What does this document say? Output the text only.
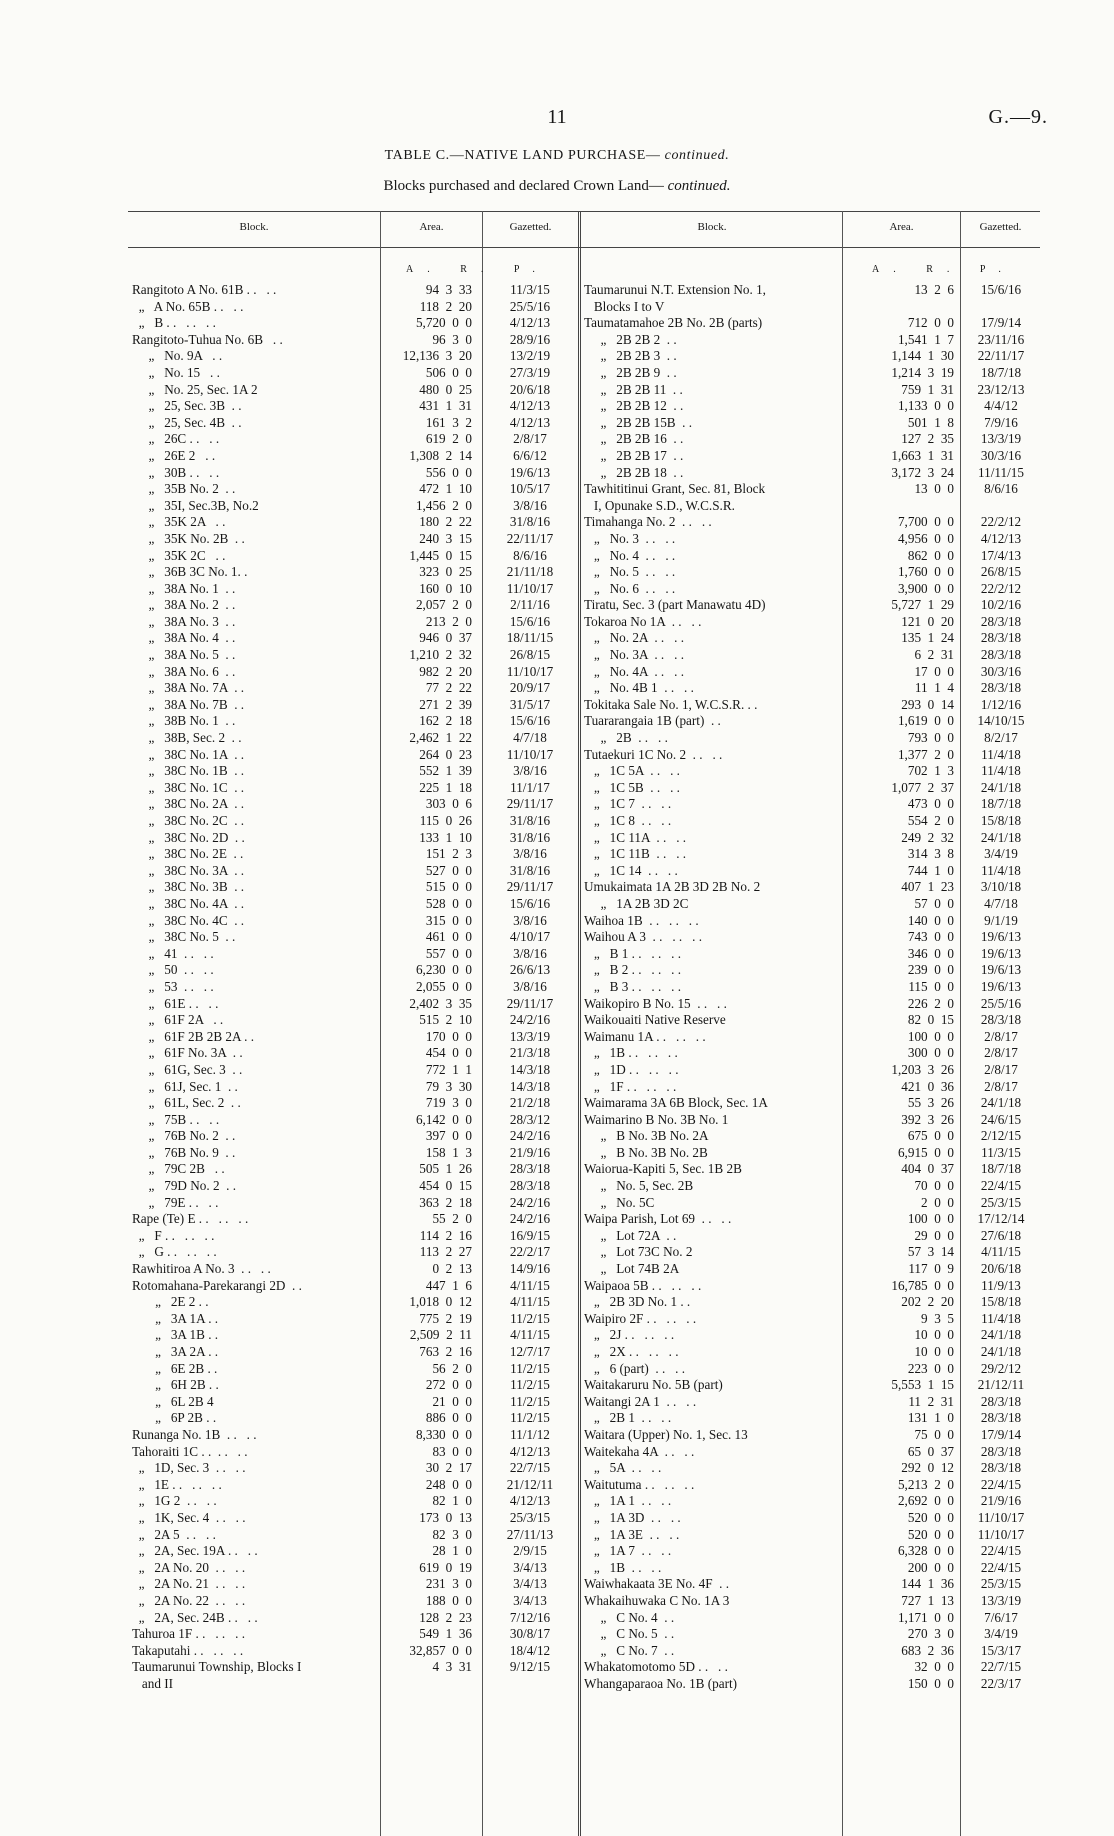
11	G.—9.
TABLE C.—NATIVE LAND PURCHASE— continued.
Blocks purchased and declared Crown Land— continued.
Block.	Area.	Gazetted.	Block.	Area.	Gazetted.
A. R. P.	A. R. P.
Rangitoto A No. 61B . .   . .	94  3  33	11/3/15
„   A No. 65B . .   . .	118  2  20	25/5/16
„   B . .   . .   . .	5,720  0  0	4/12/13
Rangitoto-Tuhua No. 6B   . .	96  3  0	28/9/16
„   No. 9A   . .	12,136  3  20	13/2/19
„   No. 15   . .	506  0  0	27/3/19
„   No. 25, Sec. 1A 2	480  0  25	20/6/18
„   25, Sec. 3B  . .	431  1  31	4/12/13
„   25, Sec. 4B  . .	161  3  2	4/12/13
„   26C . .   . .	619  2  0	2/8/17
„   26E 2   . .	1,308  2  14	6/6/12
„   30B . .   . .	556  0  0	19/6/13
„   35B No. 2  . .	472  1  10	10/5/17
„   35I, Sec.3B, No.2	1,456  2  0	3/8/16
„   35K 2A   . .	180  2  22	31/8/16
„   35K No. 2B  . .	240  3  15	22/11/17
„   35K 2C   . .	1,445  0  15	8/6/16
„   36B 3C No. 1. .	323  0  25	21/11/18
„   38A No. 1  . .	160  0  10	11/10/17
„   38A No. 2  . .	2,057  2  0	2/11/16
„   38A No. 3  . .	213  2  0	15/6/16
„   38A No. 4  . .	946  0  37	18/11/15
„   38A No. 5  . .	1,210  2  32	26/8/15
„   38A No. 6  . .	982  2  20	11/10/17
„   38A No. 7A  . .	77  2  22	20/9/17
„   38A No. 7B  . .	271  2  39	31/5/17
„   38B No. 1  . .	162  2  18	15/6/16
„   38B, Sec. 2  . .	2,462  1  22	4/7/18
„   38C No. 1A  . .	264  0  23	11/10/17
„   38C No. 1B  . .	552  1  39	3/8/16
„   38C No. 1C  . .	225  1  18	11/1/17
„   38C No. 2A  . .	303  0  6	29/11/17
„   38C No. 2C  . .	115  0  26	31/8/16
„   38C No. 2D  . .	133  1  10	31/8/16
„   38C No. 2E  . .	151  2  3	3/8/16
„   38C No. 3A  . .	527  0  0	31/8/16
„   38C No. 3B  . .	515  0  0	29/11/17
„   38C No. 4A  . .	528  0  0	15/6/16
„   38C No. 4C  . .	315  0  0	3/8/16
„   38C No. 5  . .	461  0  0	4/10/17
„   41  . .   . .	557  0  0	3/8/16
„   50  . .   . .	6,230  0  0	26/6/13
„   53  . .   . .	2,055  0  0	3/8/16
„   61E . .   . .	2,402  3  35	29/11/17
„   61F 2A   . .	515  2  10	24/2/16
„   61F 2B 2B 2A . .	170  0  0	13/3/19
„   61F No. 3A  . .	454  0  0	21/3/18
„   61G, Sec. 3  . .	772  1  1	14/3/18
„   61J, Sec. 1  . .	79  3  30	14/3/18
„   61L, Sec. 2  . .	719  3  0	21/2/18
„   75B . .   . .	6,142  0  0	28/3/12
„   76B No. 2  . .	397  0  0	24/2/16
„   76B No. 9  . .	158  1  3	21/9/16
„   79C 2B   . .	505  1  26	28/3/18
„   79D No. 2  . .	454  0  15	28/3/18
„   79E . .   . .	363  2  18	24/2/16
Rape (Te) E . .   . .   . .	55  2  0	24/2/16
„   F . .   . .   . .	114  2  16	16/9/15
„   G . .   . .   . .	113  2  27	22/2/17
Rawhitiroa A No. 3  . .   . .	0  2  13	14/9/16
Rotomahana-Parekarangi 2D  . .	447  1  6	4/11/15
„   2E 2 . .	1,018  0  12	4/11/15
„   3A 1A . .	775  2  19	11/2/15
„   3A 1B . .	2,509  2  11	4/11/15
„   3A 2A . .	763  2  16	12/7/17
„   6E 2B . .	56  2  0	11/2/15
„   6H 2B . .	272  0  0	11/2/15
„   6L 2B 4	21  0  0	11/2/15
„   6P 2B . .	886  0  0	11/2/15
Runanga No. 1B  . .   . .	8,330  0  0	11/1/12
Tahoraiti 1C . .  . .   . .	83  0  0	4/12/13
„   1D, Sec. 3  . .   . .	30  2  17	22/7/15
„   1E . .   . .   . .	248  0  0	21/12/11
„   1G 2  . .   . .	82  1  0	4/12/13
„   1K, Sec. 4  . .   . .	173  0  13	25/3/15
„   2A 5  . .   . .	82  3  0	27/11/13
„   2A, Sec. 19A . .   . .	28  1  0	2/9/15
„   2A No. 20  . .   . .	619  0  19	3/4/13
„   2A No. 21  . .   . .	231  3  0	3/4/13
„   2A No. 22  . .   . .	188  0  0	3/4/13
„   2A, Sec. 24B . .   . .	128  2  23	7/12/16
Tahuroa 1F . .   . .   . .	549  1  36	30/8/17
Takaputahi . .   . .   . .	32,857  0  0	18/4/12
Taumarunui Township, Blocks I	4  3  31	9/12/15
and II
Taumarunui N.T. Extension No. 1,	13  2  6	15/6/16
Blocks I to V
Taumatamahoe 2B No. 2B (parts)	712  0  0	17/9/14
„   2B 2B 2  . .	1,541  1  7	23/11/16
„   2B 2B 3  . .	1,144  1  30	22/11/17
„   2B 2B 9  . .	1,214  3  19	18/7/18
„   2B 2B 11  . .	759  1  31	23/12/13
„   2B 2B 12  . .	1,133  0  0	4/4/12
„   2B 2B 15B  . .	501  1  8	7/9/16
„   2B 2B 16  . .	127  2  35	13/3/19
„   2B 2B 17  . .	1,663  1  31	30/3/16
„   2B 2B 18  . .	3,172  3  24	11/11/15
Tawhititinui Grant, Sec. 81, Block	13  0  0	8/6/16
I, Opunake S.D., W.C.S.R.
Timahanga No. 2  . .   . .	7,700  0  0	22/2/12
„   No. 3  . .   . .	4,956  0  0	4/12/13
„   No. 4  . .   . .	862  0  0	17/4/13
„   No. 5  . .   . .	1,760  0  0	26/8/15
„   No. 6  . .   . .	3,900  0  0	22/2/12
Tiratu, Sec. 3 (part Manawatu 4D)	5,727  1  29	10/2/16
Tokaroa No 1A  . .   . .	121  0  20	28/3/18
„   No. 2A  . .   . .	135  1  24	28/3/18
„   No. 3A  . .   . .	6  2  31	28/3/18
„   No. 4A  . .   . .	17  0  0	30/3/16
„   No. 4B 1  . .   . .	11  1  4	28/3/18
Tokitaka Sale No. 1, W.C.S.R. . .	293  0  14	1/12/16
Tuararangaia 1B (part)  . .	1,619  0  0	14/10/15
„   2B  . .   . .	793  0  0	8/2/17
Tutaekuri 1C No. 2  . .   . .	1,377  2  0	11/4/18
„   1C 5A  . .   . .	702  1  3	11/4/18
„   1C 5B  . .   . .	1,077  2  37	24/1/18
„   1C 7  . .   . .	473  0  0	18/7/18
„   1C 8  . .   . .	554  2  0	15/8/18
„   1C 11A  . .   . .	249  2  32	24/1/18
„   1C 11B  . .   . .	314  3  8	3/4/19
„   1C 14  . .   . .	744  1  0	11/4/18
Umukaimata 1A 2B 3D 2B No. 2	407  1  23	3/10/18
„   1A 2B 3D 2C	57  0  0	4/7/18
Waihoa 1B  . .   . .   . .	140  0  0	9/1/19
Waihou A 3  . .   . .   . .	743  0  0	19/6/13
„   B 1 . .   . .   . .	346  0  0	19/6/13
„   B 2 . .   . .   . .	239  0  0	19/6/13
„   B 3 . .   . .   . .	115  0  0	19/6/13
Waikopiro B No. 15  . .   . .	226  2  0	25/5/16
Waikouaiti Native Reserve	82  0  15	28/3/18
Waimanu 1A . .   . .   . .	100  0  0	2/8/17
„   1B . .   . .   . .	300  0  0	2/8/17
„   1D . .   . .   . .	1,203  3  26	2/8/17
„   1F . .   . .   . .	421  0  36	2/8/17
Waimarama 3A 6B Block, Sec. 1A	55  3  26	24/1/18
Waimarino B No. 3B No. 1	392  3  26	24/6/15
„   B No. 3B No. 2A	675  0  0	2/12/15
„   B No. 3B No. 2B	6,915  0  0	11/3/15
Waiorua-Kapiti 5, Sec. 1B 2B	404  0  37	18/7/18
„   No. 5, Sec. 2B	70  0  0	22/4/15
„   No. 5C	2  0  0	25/3/15
Waipa Parish, Lot 69  . .   . .	100  0  0	17/12/14
„   Lot 72A  . .	29  0  0	27/6/18
„   Lot 73C No. 2	57  3  14	4/11/15
„   Lot 74B 2A	117  0  9	20/6/18
Waipaoa 5B . .   . .   . .	16,785  0  0	11/9/13
„   2B 3D No. 1 . .	202  2  20	15/8/18
Waipiro 2F . .   . .   . .	9  3  5	11/4/18
„   2J . .   . .   . .	10  0  0	24/1/18
„   2X . .   . .   . .	10  0  0	24/1/18
„   6 (part)  . .   . .	223  0  0	29/2/12
Waitakaruru No. 5B (part)	5,553  1  15	21/12/11
Waitangi 2A 1  . .   . .	11  2  31	28/3/18
„   2B 1  . .   . .	131  1  0	28/3/18
Waitara (Upper) No. 1, Sec. 13	75  0  0	17/9/14
Waitekaha 4A  . .   . .	65  0  37	28/3/18
„   5A  . .   . .	292  0  12	28/3/18
Waitutuma . .   . .   . .	5,213  2  0	22/4/15
„   1A 1  . .   . .	2,692  0  0	21/9/16
„   1A 3D  . .   . .	520  0  0	11/10/17
„   1A 3E  . .   . .	520  0  0	11/10/17
„   1A 7  . .   . .	6,328  0  0	22/4/15
„   1B  . .   . .	200  0  0	22/4/15
Waiwhakaata 3E No. 4F  . .	144  1  36	25/3/15
Whakaihuwaka C No. 1A 3	727  1  13	13/3/19
„   C No. 4  . .	1,171  0  0	7/6/17
„   C No. 5  . .	270  3  0	3/4/19
„   C No. 7  . .	683  2  36	15/3/17
Whakatomotomo 5D . .   . .	32  0  0	22/7/15
Whangaparaoa No. 1B (part)	150  0  0	22/3/17
